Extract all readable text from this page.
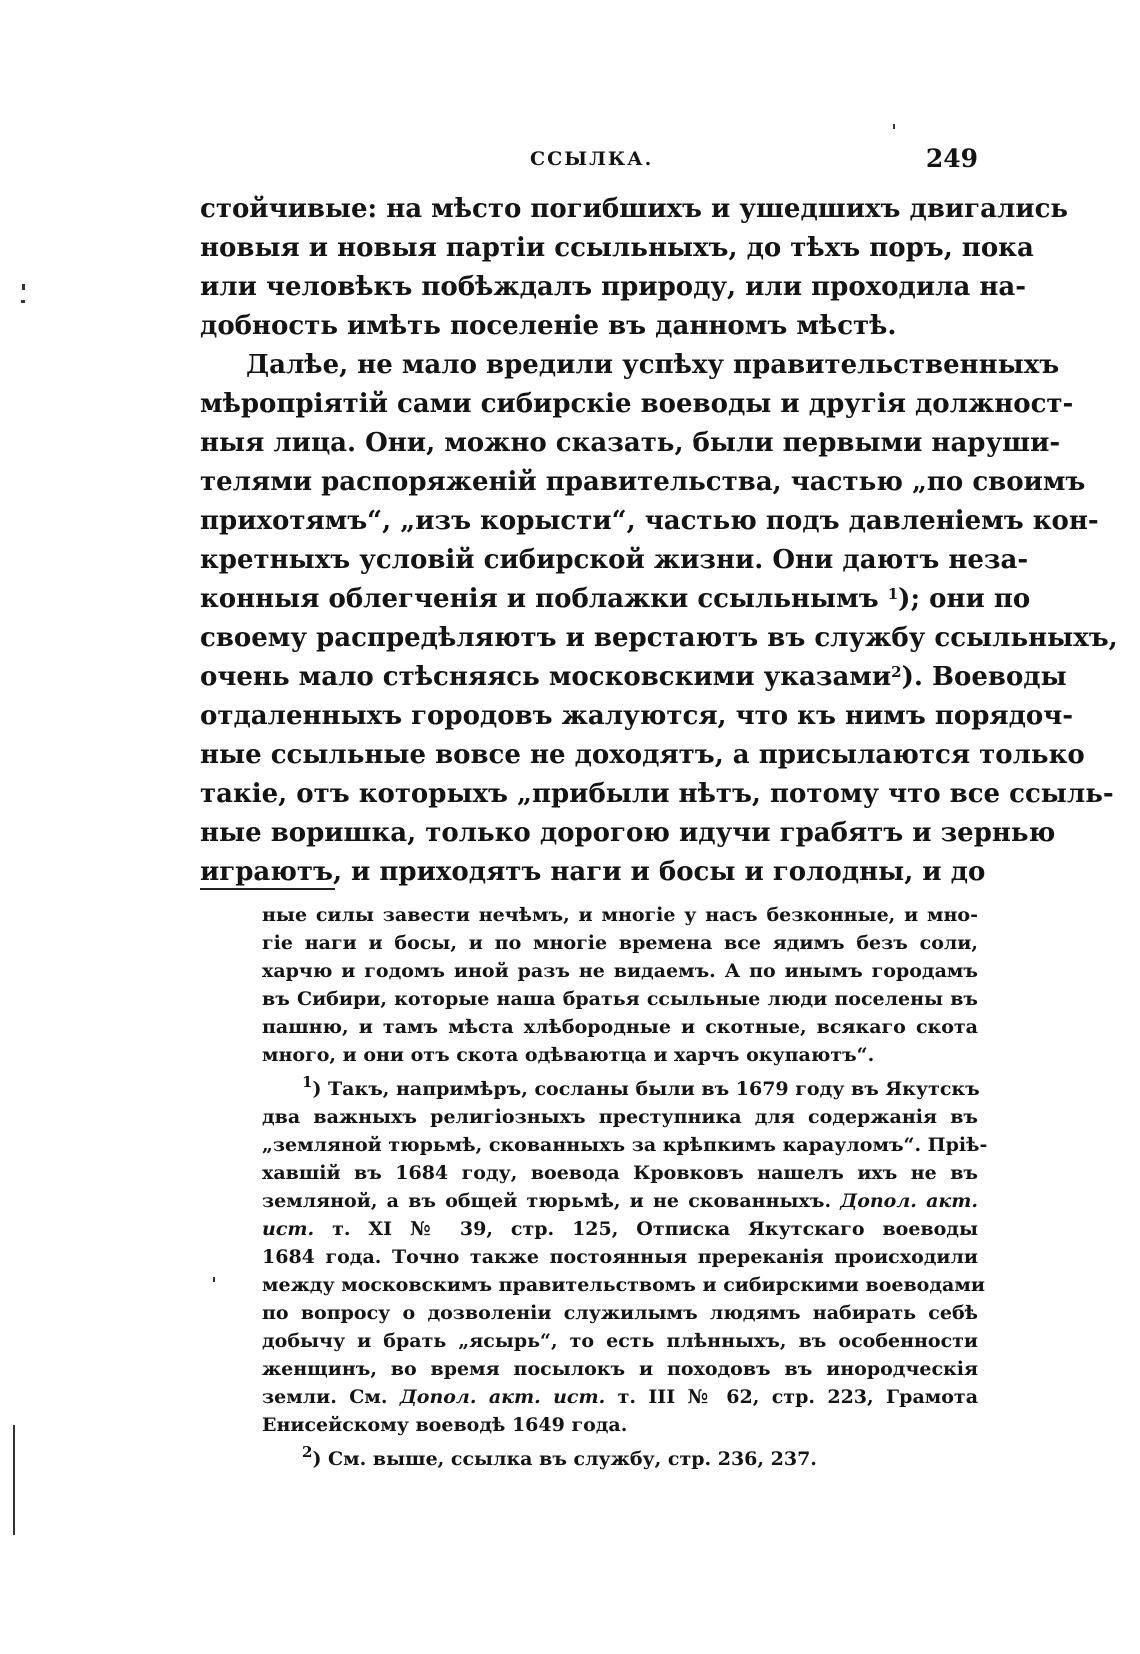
ССЫЛКА.	249
стойчивые: на мѣсто погибшихъ и ушедшихъ двигались
новыя и новыя партіи ссыльныхъ, до тѣхъ поръ, пока
или человѣкъ побѣждалъ природу, или проходила на-
добность имѣть поселеніе въ данномъ мѣстѣ.
Далѣе, не мало вредили успѣху правительственныхъ
мѣропріятій сами сибирскіе воеводы и другія должност-
ныя лица. Они, можно сказать, были первыми наруши-
телями распоряженій правительства, частью „по своимъ
прихотямъ“, „изъ корысти“, частью подъ давленіемъ кон-
кретныхъ условій сибирской жизни. Они даютъ неза-
конныя облегченія и поблажки ссыльнымъ $^1$); они по
своему распредѣляютъ и верстаютъ въ службу ссыльныхъ,
очень мало стѣсняясь московскими указами$^2$). Воеводы
отдаленныхъ городовъ жалуются, что къ нимъ порядоч-
ные ссыльные вовсе не доходятъ, а присылаются только
такіе, отъ которыхъ „прибыли нѣтъ, потому что все ссыль-
ные воришка, только дорогою идучи грабятъ и зернью
играютъ, и приходятъ наги и босы и голодны, и до
ные силы завести нечѣмъ, и многіе у насъ безконные, и мно-
гіе наги и босы, и по многіе времена все ядимъ безъ соли,
харчю и годомъ иной разъ не видаемъ. А по инымъ городамъ
въ Сибири, которые наша братья ссыльные люди поселены въ
пашню, и тамъ мѣста хлѣбородные и скотные, всякаго скота
много, и они отъ скота одѣваютца и харчъ окупаютъ“.
$^1$) Такъ, напримѣръ, сосланы были въ 1679 году въ Якутскъ
два важныхъ религіозныхъ преступника для содержанія въ
„земляной тюрьмѣ, скованныхъ за крѣпкимъ карауломъ“. Пріѣ-
хавшій въ 1684 году, воевода Кровковъ нашелъ ихъ не въ
земляной, а въ общей тюрьмѣ, и не скованныхъ. Допол. акт.
ист. т. XI № 39, стр. 125, Отписка Якутскаго воеводы
1684 года. Точно также постоянныя пререканія происходили
между московскимъ правительствомъ и сибирскими воеводами
по вопросу о дозволеніи служилымъ людямъ набирать себѣ
добычу и брать „ясырь“, то есть плѣнныхъ, въ особенности
женщинъ, во время посылокъ и походовъ въ инородческія
земли. См. Допол. акт. ист. т. III № 62, стр. 223, Грамота
Енисейскому воеводѣ 1649 года.
$^2$) См. выше, ссылка въ службу, стр. 236, 237.
